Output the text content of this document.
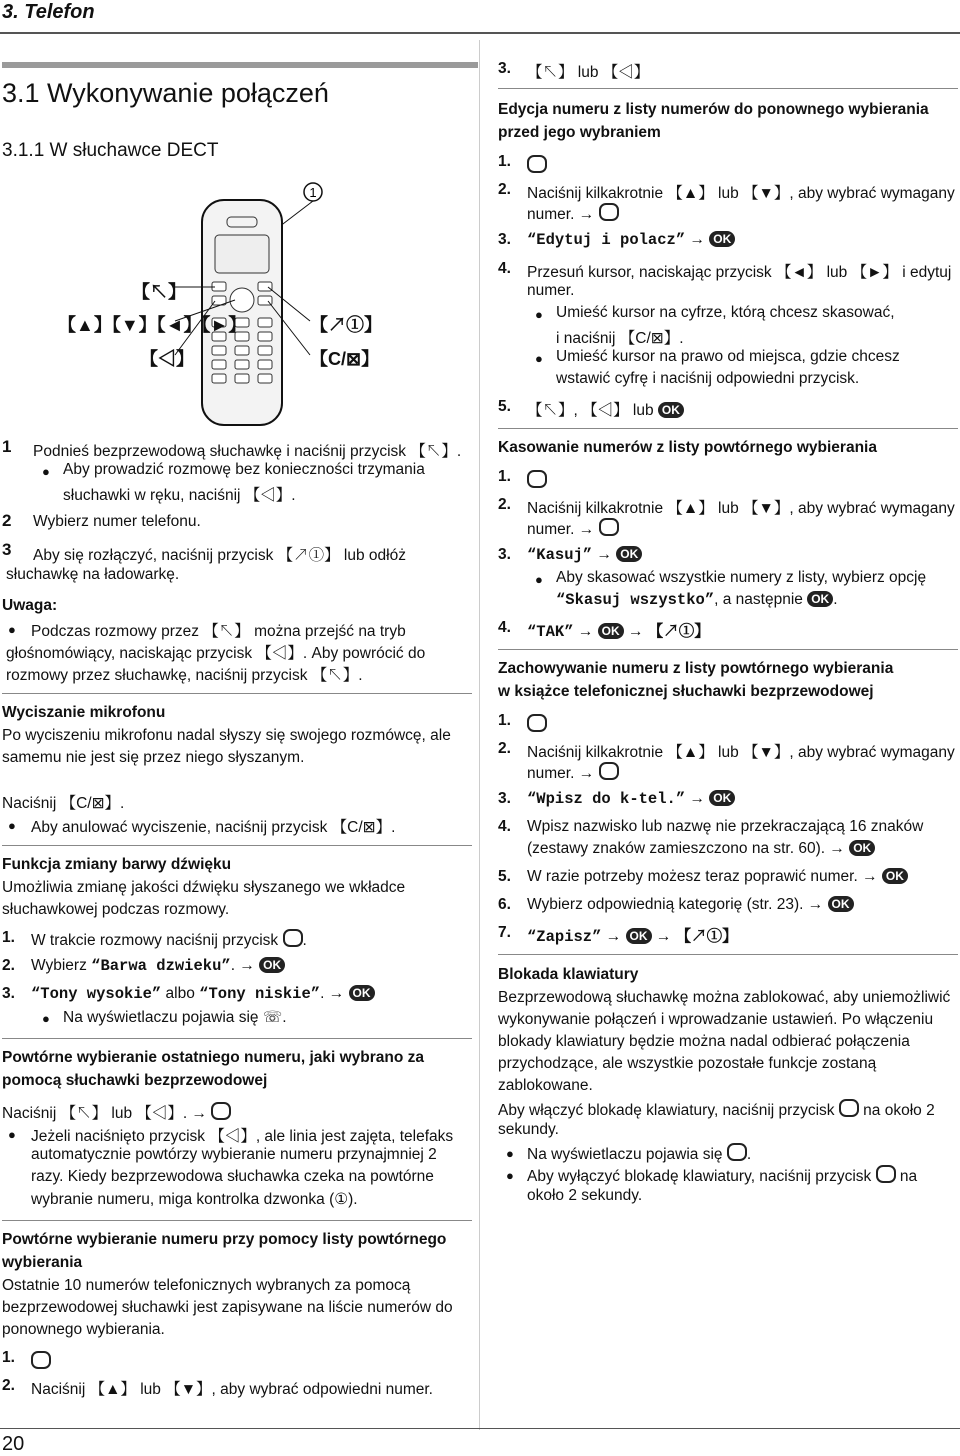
3. Telefon
3.1 Wykonywanie połączeń
3.1.1 W słuchawce DECT
1
【↖】
【▲】【▼】【◄】【►】
【◁】
【↗①】
【C/⊠】
1 Podnieś bezprzewodową słuchawkę i naciśnij przycisk 【↖】.
● Aby prowadzić rozmowę bez konieczności trzymania
słuchawki w ręku, naciśnij 【◁】.
2 Wybierz numer telefonu.
3 Aby się rozłączyć, naciśnij przycisk 【↗①】 lub odłóż
słuchawkę na ładowarkę.
Uwaga:
● Podczas rozmowy przez 【↖】 można przejść na tryb
głośnomówiący, naciskając przycisk 【◁】. Aby powrócić do
rozmowy przez słuchawkę, naciśnij przycisk 【↖】.
Wyciszanie mikrofonu
Po wyciszeniu mikrofonu nadal słyszy się swojego rozmówcę, ale
samemu nie jest się przez niego słyszanym.
Naciśnij 【C/⊠】.
● Aby anulować wyciszenie, naciśnij przycisk 【C/⊠】.
Funkcja zmiany barwy dźwięku
Umożliwia zmianę jakości dźwięku słyszanego we wkładce
słuchawkowej podczas rozmowy.
1. W trakcie rozmowy naciśnij przycisk .
2. Wybierz “Barwa dzwieku”. → OK
3. “Tony wysokie” albo “Tony niskie”. → OK
● Na wyświetlaczu pojawia się ☏.
Powtórne wybieranie ostatniego numeru, jaki wybrano za
pomocą słuchawki bezprzewodowej
Naciśnij 【↖】 lub 【◁】. →
● Jeżeli naciśnięto przycisk 【◁】, ale linia jest zajęta, telefaks
automatycznie powtórzy wybieranie numeru przynajmniej 2
razy. Kiedy bezprzewodowa słuchawka czeka na powtórne
wybranie numeru, miga kontrolka dzwonka (①).
Powtórne wybieranie numeru przy pomocy listy powtórnego
wybierania
Ostatnie 10 numerów telefonicznych wybranych za pomocą
bezprzewodowej słuchawki jest zapisywane na liście numerów do
ponownego wybierania.
1.
2. Naciśnij 【▲】 lub 【▼】, aby wybrać odpowiedni numer.
3. 【↖】 lub 【◁】
Edycja numeru z listy numerów do ponownego wybierania
przed jego wybraniem
1.
2. Naciśnij kilkakrotnie 【▲】 lub 【▼】, aby wybrać wymagany
numer. →
3. “Edytuj i polacz” → OK
4. Przesuń kursor, naciskając przycisk 【◄】 lub 【►】 i edytuj
numer.
● Umieść kursor na cyfrze, którą chcesz skasować,
i naciśnij 【C/⊠】.
● Umieść kursor na prawo od miejsca, gdzie chcesz
wstawić cyfrę i naciśnij odpowiedni przycisk.
5. 【↖】, 【◁】 lub OK
Kasowanie numerów z listy powtórnego wybierania
1.
2. Naciśnij kilkakrotnie 【▲】 lub 【▼】, aby wybrać wymagany
numer. →
3. “Kasuj” → OK
● Aby skasować wszystkie numery z listy, wybierz opcję
“Skasuj wszystko”, a następnie OK .
4. “TAK” → OK → 【↗①】
Zachowywanie numeru z listy powtórnego wybierania
w książce telefonicznej słuchawki bezprzewodowej
1.
2. Naciśnij kilkakrotnie 【▲】 lub 【▼】, aby wybrać wymagany
numer. →
3. “Wpisz do k-tel.” → OK
4. Wpisz nazwisko lub nazwę nie przekraczającą 16 znaków
(zestawy znaków zamieszczono na str. 60). → OK
5. W razie potrzeby możesz teraz poprawić numer. → OK
6. Wybierz odpowiednią kategorię (str. 23). → OK
7. “Zapisz” → OK → 【↗①】
Blokada klawiatury
Bezprzewodową słuchawkę można zablokować, aby uniemożliwić
wykonywanie połączeń i wprowadzanie ustawień. Po włączeniu
blokady klawiatury będzie można nadal odbierać połączenia
przychodzące, ale wszystkie pozostałe funkcje zostaną
zablokowane.
Aby włączyć blokadę klawiatury, naciśnij przycisk na około 2
sekundy.
● Na wyświetlaczu pojawia się .
● Aby wyłączyć blokadę klawiatury, naciśnij przycisk na
około 2 sekundy.
20
